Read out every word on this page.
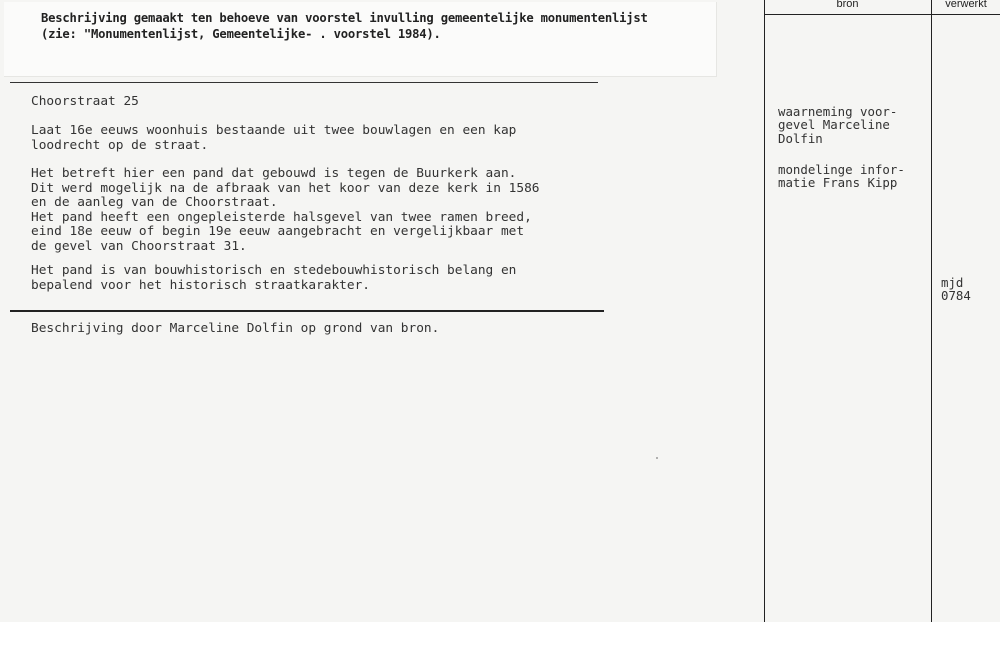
Beschrijving gemaakt ten behoeve van voorstel invulling gemeentelijke monumentenlijst
(zie: "Monumentenlijst, Gemeentelijke- . voorstel 1984).
Choorstraat 25
Laat 16e eeuws woonhuis bestaande uit twee bouwlagen en een kap
loodrecht op de straat.
Het betreft hier een pand dat gebouwd is tegen de Buurkerk aan.
Dit werd mogelijk na de afbraak van het koor van deze kerk in 1586
en de aanleg van de Choorstraat.
Het pand heeft een ongepleisterde halsgevel van twee ramen breed,
eind 18e eeuw of begin 19e eeuw aangebracht en vergelijkbaar met
de gevel van Choorstraat 31.
Het pand is van bouwhistorisch en stedebouwhistorisch belang en
bepalend voor het historisch straatkarakter.
Beschrijving door Marceline Dolfin op grond van bron.
bron	verwerkt
waarneming voor-
gevel Marceline
Dolfin
mondelinge infor-
matie Frans Kipp
mjd
0784
